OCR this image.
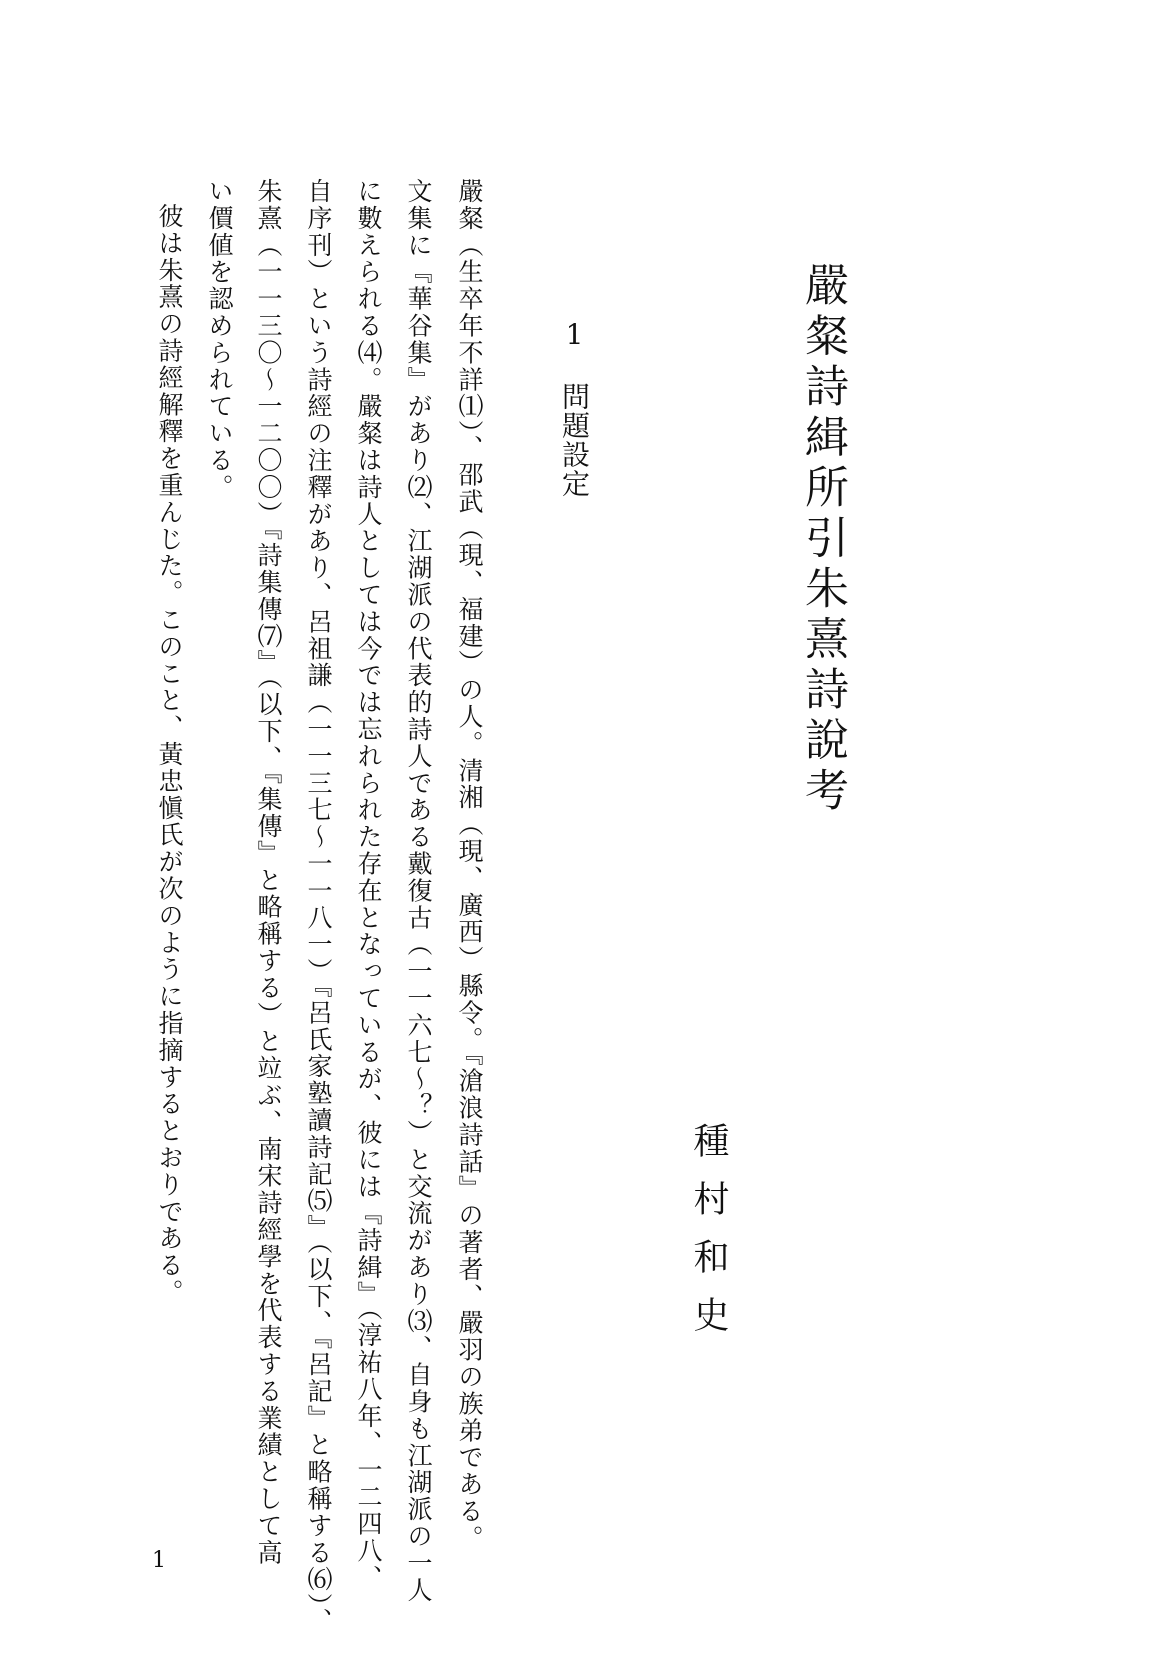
嚴粲詩緝所引朱熹詩說考
種村和史
1問題設定
嚴粲（生卒年不詳⑴）、邵武（現、福建）の人。清湘（現、廣西）縣令。『滄浪詩話』の著者、嚴羽の族弟である。
文集に『華谷集』があり⑵、江湖派の代表的詩人である戴復古（一一六七～？）と交流があり⑶、自身も江湖派の一人
に數えられる⑷。嚴粲は詩人としては今では忘れられた存在となっているが、彼には『詩緝』（淳祐八年、一二四八、
自序刊）という詩經の注釋があり、呂祖謙（一一三七～一一八一）『呂氏家塾讀詩記⑸』（以下、『呂記』と略稱する⑹）、
朱熹（一一三〇～一二〇〇）『詩集傳⑺』（以下、『集傳』と略稱する）と竝ぶ、南宋詩經學を代表する業績として高
い價値を認められている。
彼は朱熹の詩經解釋を重んじた。このこと、黃忠愼氏が次のように指摘するとおりである。
1
